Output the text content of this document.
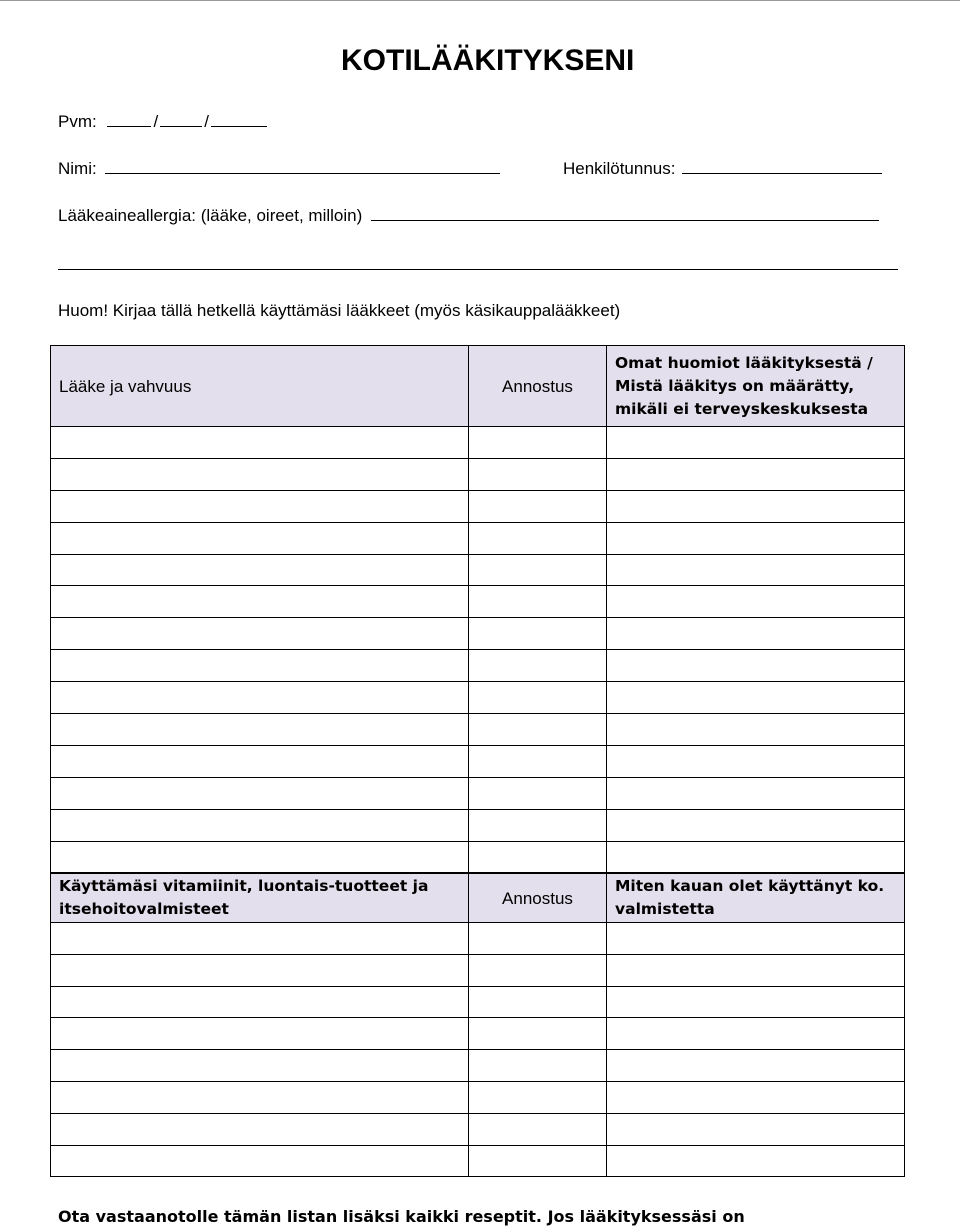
KOTILÄÄKITYKSENI
Pvm:	/	/
Nimi:	Henkilötunnus:
Lääkeaineallergia: (lääke, oireet, milloin)
Huom! Kirjaa tällä hetkellä käyttämäsi lääkkeet (myös käsikauppalääkkeet)
Lääke ja vahvuus	Annostus	Omat huomiot lääkityksestä / Mistä lääkitys on määrätty, mikäli ei terveyskeskuksesta

Käyttämäsi vitamiinit, luontais-tuotteet ja itsehoitovalmisteet	Annostus	Miten kauan olet käyttänyt ko. valmistetta

Ota vastaanotolle tämän listan lisäksi kaikki reseptit. Jos lääkityksessäsi on
